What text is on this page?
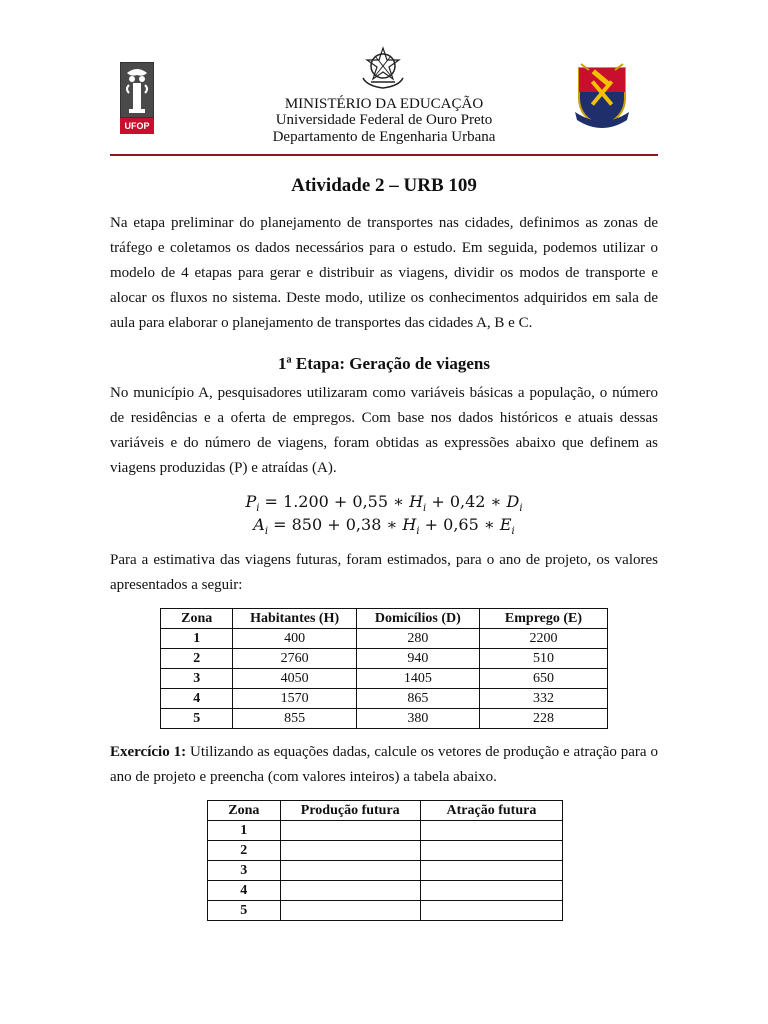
UFOP
MINISTÉRIO DA EDUCAÇÃO
Universidade Federal de Ouro Preto
Departamento de Engenharia Urbana
Atividade 2 – URB 109
Na etapa preliminar do planejamento de transportes nas cidades, definimos as zonas de tráfego e coletamos os dados necessários para o estudo. Em seguida, podemos utilizar o modelo de 4 etapas para gerar e distribuir as viagens, dividir os modos de transporte e alocar os fluxos no sistema. Deste modo, utilize os conhecimentos adquiridos em sala de aula para elaborar o planejamento de transportes das cidades A, B e C.
1ª Etapa: Geração de viagens
No município A, pesquisadores utilizaram como variáveis básicas a população, o número de residências e a oferta de empregos. Com base nos dados históricos e atuais dessas variáveis e do número de viagens, foram obtidas as expressões abaixo que definem as viagens produzidas (P) e atraídas (A).
$P_i = 1.200 + 0,55$ ∗ $H_i + 0,42$ ∗ $D_i$
$A_i = 850 + 0,38$ ∗ $H_i + 0,65$ ∗ $E_i$
Para a estimativa das viagens futuras, foram estimados, para o ano de projeto, os valores apresentados a seguir:
Zona	Habitantes (H)	Domicílios (D)	Emprego (E)
1	400	280	2200
2	2760	940	510
3	4050	1405	650
4	1570	865	332
5	855	380	228
Exercício 1: Utilizando as equações dadas, calcule os vetores de produção e atração para o ano de projeto e preencha (com valores inteiros) a tabela abaixo.
Zona	Produção futura	Atração futura
1		
2		
3		
4		
5		
